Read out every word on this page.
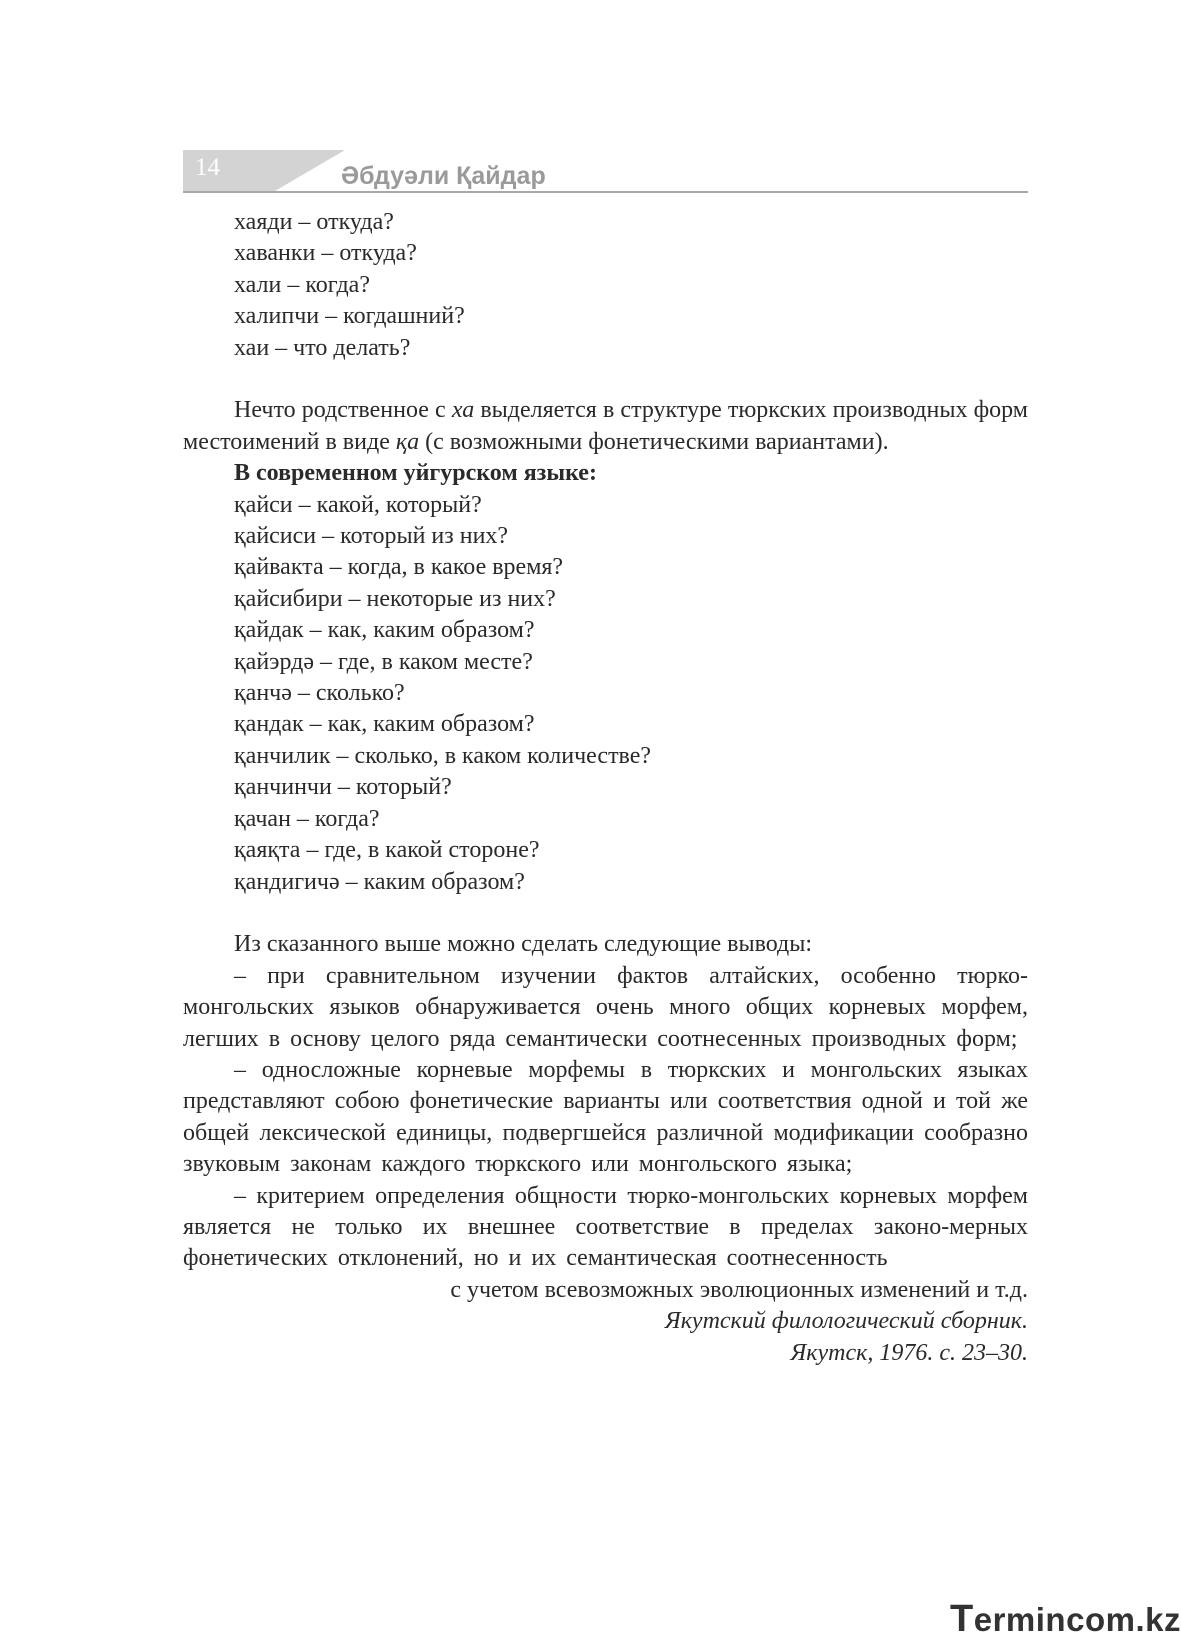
14	Әбдуәли Қайдар
хаяди – откуда?
хаванки – откуда?
хали – когда?
халипчи – когдашний?
хаи – что делать?
Нечто родственное с ха выделяется в структуре тюркских производных форм местоимений в виде қа (с возможными фонетическими вариантами).
В современном уйгурском языке:
қайси – какой, который?
қайсиси – который из них?
қайвакта – когда, в какое время?
қайсибири – некоторые из них?
қайдак – как, каким образом?
қайэрдә – где, в каком месте?
қанчә – сколько?
қандак – как, каким образом?
қанчилик – сколько, в каком количестве?
қанчинчи – который?
қачан – когда?
қаяқта – где, в какой стороне?
қандигичә – каким образом?
Из сказанного выше можно сделать следующие выводы:
– при сравнительном изучении фактов алтайских, особенно тюрко-монгольских языков обнаруживается очень много общих корневых морфем, легших в основу целого ряда семантически соотнесенных производных форм;
– односложные корневые морфемы в тюркских и монгольских языках представляют собою фонетические варианты или соответствия одной и той же общей лексической единицы, подвергшейся различной модификации сообразно звуковым законам каждого тюркского или монгольского языка;
– критерием определения общности тюрко-монгольских корневых морфем является не только их внешнее соответствие в пределах законо-мерных фонетических отклонений, но и их семантическая соотнесенность
с учетом всевозможных эволюционных изменений и т.д.
Якутский филологический сборник.
Якутск, 1976. с. 23–30.
Termincom.kz
